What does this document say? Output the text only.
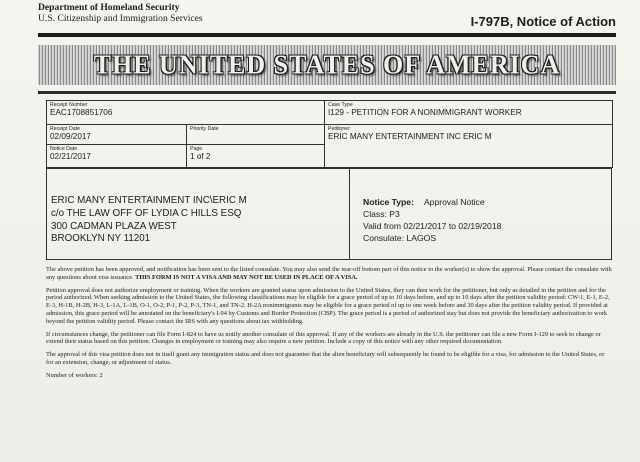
Department of Homeland Security
U.S. Citizenship and Immigration Services	I-797B, Notice of Action
THE UNITED STATES OF AMERICA
Receipt Number
EAC1708851706
Case Type
I129 - PETITION FOR A NONIMMIGRANT WORKER
Receipt Date
02/09/2017
Priority Date	Petitioner
ERIC MANY ENTERTAINMENT INC ERIC M
Notice Date
02/21/2017
Page
1 of 2
ERIC MANY ENTERTAINMENT INC\ERIC M
c/o THE LAW OFF OF LYDIA C HILLS ESQ
300 CADMAN PLAZA WEST
BROOKLYN NY 11201
Notice Type: Approval Notice
Class: P3
Valid from 02/21/2017 to 02/19/2018
Consulate: LAGOS

The above petition has been approved, and notification has been sent to the listed consulate. You may also send the tear-off bottom part of this notice to the worker(s) to show the approval. Please contact the consulate with any questions about visa issuance. THIS FORM IS NOT A VISA AND MAY NOT BE USED IN PLACE OF A VISA.

Petition approval does not authorize employment or training. When the workers are granted status upon admission to the United States, they can then work for the petitioner, but only as detailed in the petition and for the period authorized. When seeking admission to the United States, the following classifications may be eligible for a grace period of up to 10 days before, and up to 10 days after the petition validity period: CW-1, E-1, E-2, E-3, H-1B, H-2B, H-3, L-1A, L-1B, O-1, O-2, P-1, P-2, P-3, TN-1, and TN-2. H-2A nonimmigrants may be eligible for a grace period of up to one week before and 30 days after the petition validity period. If provided at admission, this grace period will be annotated on the beneficiary's I-94 by Customs and Border Protection (CBP). The grace period is a period of authorized stay but does not provide the beneficiary authorization to work beyond the petition validity period. Please contact the IRS with any questions about tax withholding.

If circumstances change, the petitioner can file Form I-824 to have us notify another consulate of this approval. If any of the workers are already in the U.S. the petitioner can file a new Form I-129 to seek to change or extend their status based on this petition. Changes in employment or training may also require a new petition. Include a copy of this notice with any other required documentation.

The approval of this visa petition does not in itself grant any immigration status and does not guarantee that the alien beneficiary will subsequently be found to be eligible for a visa, for admission to the United States, or for an extension, change, or adjustment of status.

Number of workers: 2
